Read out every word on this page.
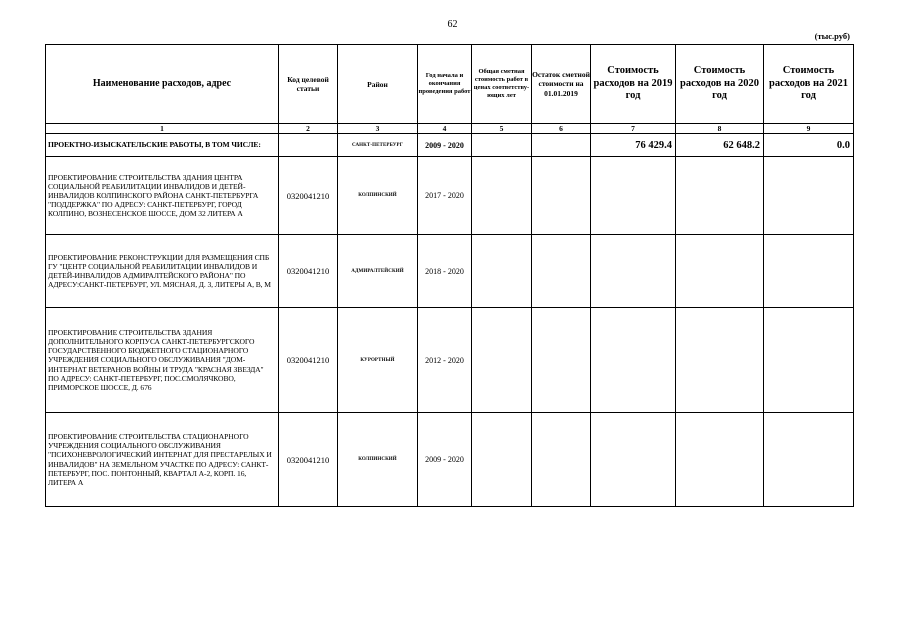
62
(тыс.руб)
Наименование расходов, адрес	Код целевой статьи	Район	Год начала и окончания проведения работ	Общая сметная стоимость работ в ценах соответству-ющих лет	Остаток сметной стоимости на 01.01.2019	Стоимость расходов на 2019 год	Стоимость расходов на 2020 год	Стоимость расходов на 2021 год
1	2	3	4	5	6	7	8	9
ПРОЕКТНО-ИЗЫСКАТЕЛЬСКИЕ РАБОТЫ, В ТОМ ЧИСЛЕ:		САНКТ-ПЕТЕРБУРГ	2009 - 2020			76 429.4	62 648.2	0.0
ПРОЕКТИРОВАНИЕ СТРОИТЕЛЬСТВА ЗДАНИЯ ЦЕНТРА СОЦИАЛЬНОЙ РЕАБИЛИТАЦИИ ИНВАЛИДОВ И ДЕТЕЙ-ИНВАЛИДОВ КОЛПИНСКОГО РАЙОНА САНКТ-ПЕТЕРБУРГА "ПОДДЕРЖКА" ПО АДРЕСУ: САНКТ-ПЕТЕРБУРГ, ГОРОД КОЛПИНО, ВОЗНЕСЕНСКОЕ ШОССЕ, ДОМ 32 ЛИТЕРА А	0320041210	КОЛПИНСКИЙ	2017 - 2020					
ПРОЕКТИРОВАНИЕ РЕКОНСТРУКЦИИ ДЛЯ РАЗМЕЩЕНИЯ СПБ ГУ "ЦЕНТР СОЦИАЛЬНОЙ РЕАБИЛИТАЦИИ ИНВАЛИДОВ И ДЕТЕЙ-ИНВАЛИДОВ АДМИРАЛТЕЙСКОГО РАЙОНА" ПО АДРЕСУ:САНКТ-ПЕТЕРБУРГ, УЛ. МЯСНАЯ, Д. 3, ЛИТЕРЫ А, В, М	0320041210	АДМИРАЛТЕЙСКИЙ	2018 - 2020					
ПРОЕКТИРОВАНИЕ СТРОИТЕЛЬСТВА ЗДАНИЯ ДОПОЛНИТЕЛЬНОГО КОРПУСА САНКТ-ПЕТЕРБУРГСКОГО ГОСУДАРСТВЕННОГО БЮДЖЕТНОГО СТАЦИОНАРНОГО УЧРЕЖДЕНИЯ СОЦИАЛЬНОГО ОБСЛУЖИВАНИЯ "ДОМ-ИНТЕРНАТ ВЕТЕРАНОВ ВОЙНЫ И ТРУДА "КРАСНАЯ ЗВЕЗДА" ПО АДРЕСУ: САНКТ-ПЕТЕРБУРГ, ПОС.СМОЛЯЧКОВО, ПРИМОРСКОЕ ШОССЕ, Д. 676	0320041210	КУРОРТНЫЙ	2012 - 2020					
ПРОЕКТИРОВАНИЕ СТРОИТЕЛЬСТВА СТАЦИОНАРНОГО УЧРЕЖДЕНИЯ СОЦИАЛЬНОГО ОБСЛУЖИВАНИЯ "ПСИХОНЕВРОЛОГИЧЕСКИЙ ИНТЕРНАТ ДЛЯ ПРЕСТАРЕЛЫХ И ИНВАЛИДОВ" НА ЗЕМЕЛЬНОМ УЧАСТКЕ ПО АДРЕСУ: САНКТ-ПЕТЕРБУРГ, ПОС. ПОНТОННЫЙ, КВАРТАЛ А-2, КОРП. 16, ЛИТЕРА А	0320041210	КОЛПИНСКИЙ	2009 - 2020					
